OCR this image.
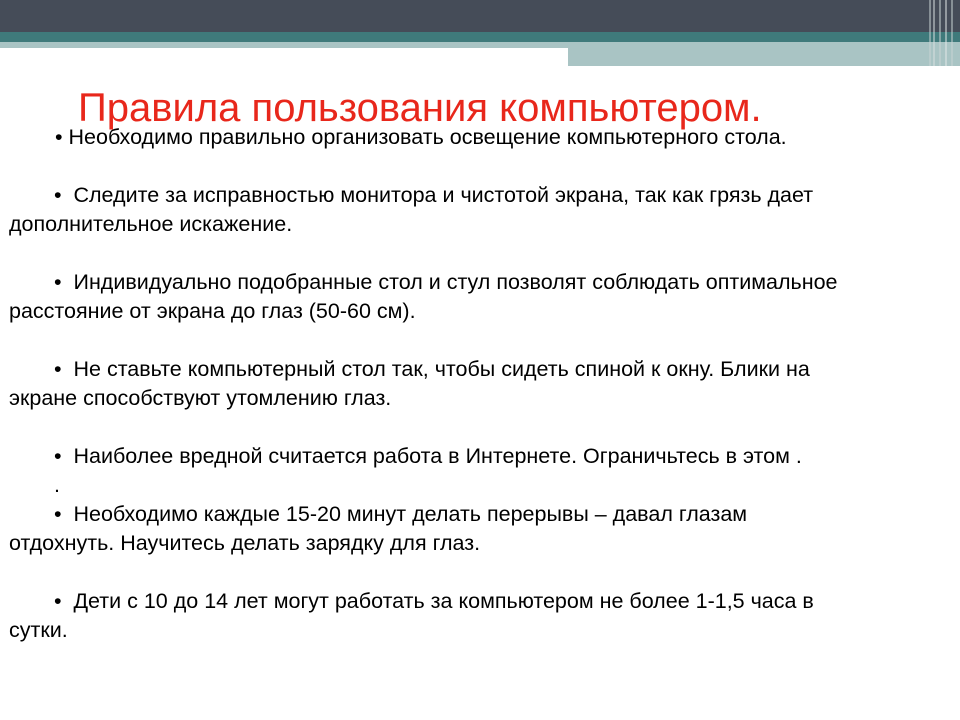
Правила пользования компьютером.

• Необходимо правильно организовать освещение компьютерного стола.

• Следите за исправностью монитора и чистотой экрана, так как грязь дает
дополнительное искажение.

• Индивидуально подобранные стол и стул позволят соблюдать оптимальное
расстояние от экрана до глаз (50-60 см).

• Не ставьте компьютерный стол так, чтобы сидеть спиной к окну. Блики на
экране способствуют утомлению глаз.

• Наиболее вредной считается работа в Интернете. Ограничьтесь в этом .

.

• Необходимо каждые 15-20 минут делать перерывы – давал глазам
отдохнуть. Научитесь делать зарядку для глаз.

•  Дети с 10 до 14 лет могут работать за компьютером не более 1-1,5 часа в
сутки.
